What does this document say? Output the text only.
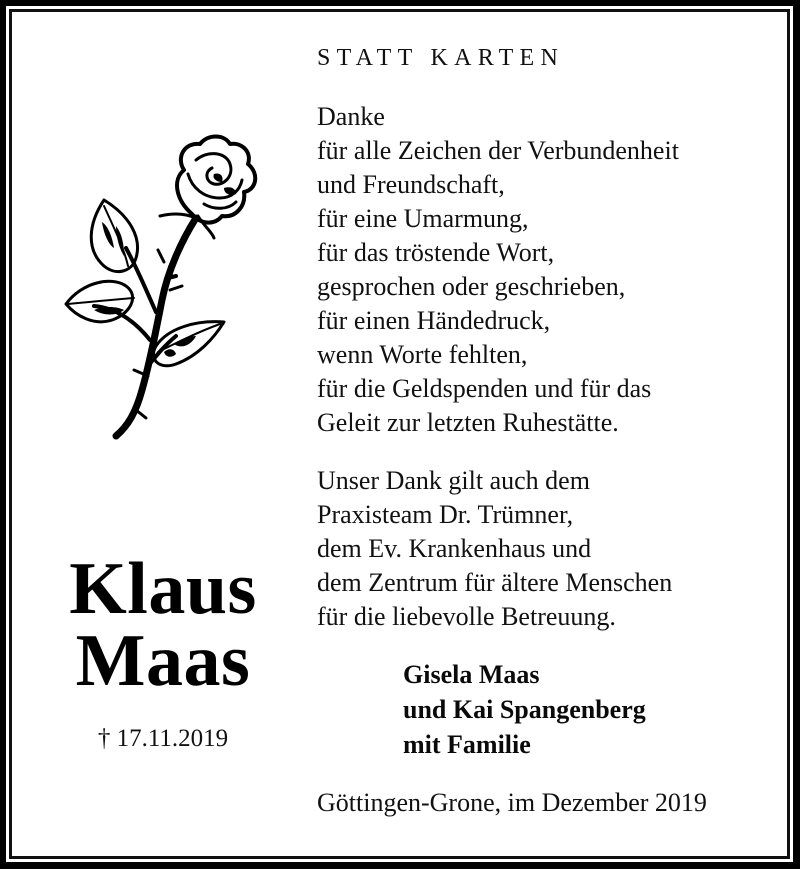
STATT KARTEN
Danke
für alle Zeichen der Verbundenheit
und Freundschaft,
für eine Umarmung,
für das tröstende Wort,
gesprochen oder geschrieben,
für einen Händedruck,
wenn Worte fehlten,
für die Geldspenden und für das
Geleit zur letzten Ruhestätte.
Unser Dank gilt auch dem
Praxisteam Dr. Trümner,
dem Ev. Krankenhaus und
dem Zentrum für ältere Menschen
für die liebevolle Betreuung.
Gisela Maas
und Kai Spangenberg
mit Familie
Göttingen-Grone, im Dezember 2019
Klaus
Maas
† 17.11.2019
